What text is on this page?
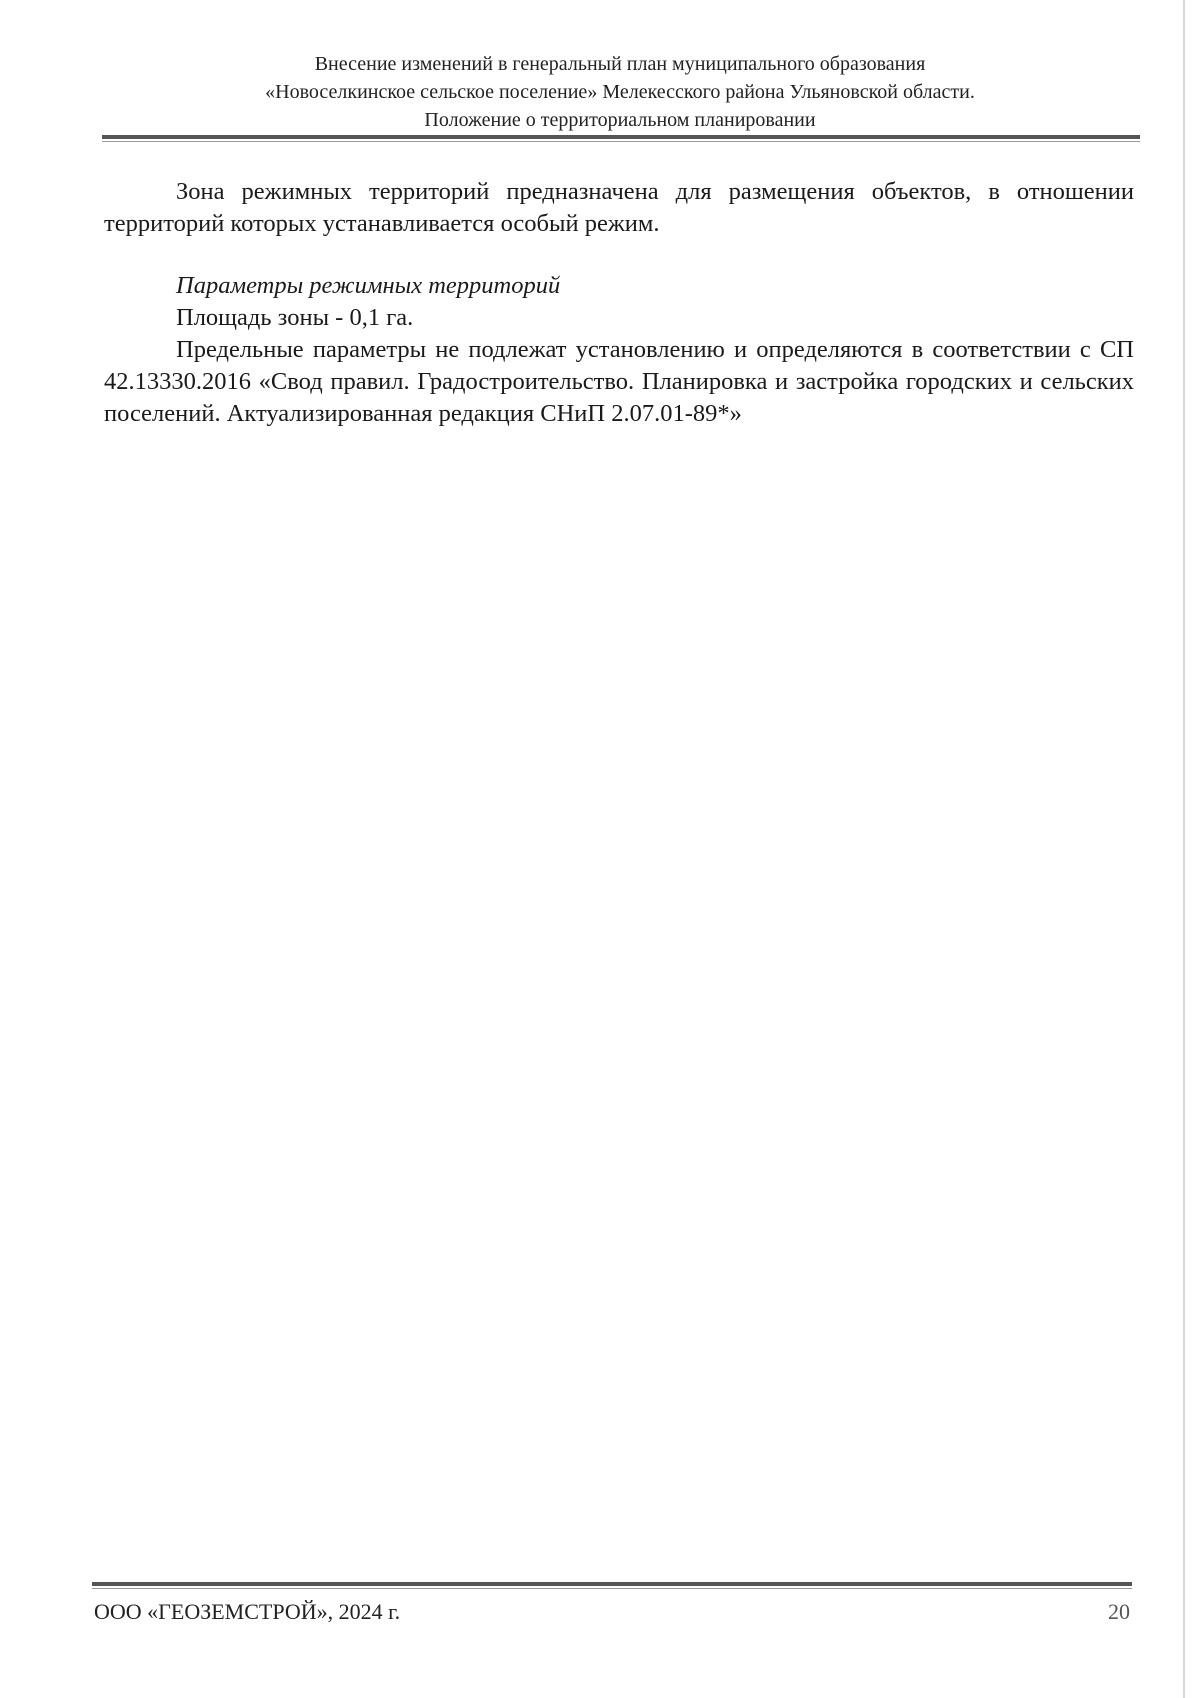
Внесение изменений в генеральный план муниципального образования
«Новоселкинское сельское поселение» Мелекесского района Ульяновской области.
Положение о территориальном планировании

Зона режимных территорий предназначена для размещения объектов, в отношении территорий которых устанавливается особый режим.

Параметры режимных территорий

Площадь зоны - 0,1 га.

Предельные параметры не подлежат установлению и определяются в соответствии с СП 42.13330.2016 «Свод правил. Градостроительство. Планировка и застройка городских и сельских поселений. Актуализированная редакция СНиП 2.07.01-89*»

ООО «ГЕОЗЕМСТРОЙ», 2024 г.	20
